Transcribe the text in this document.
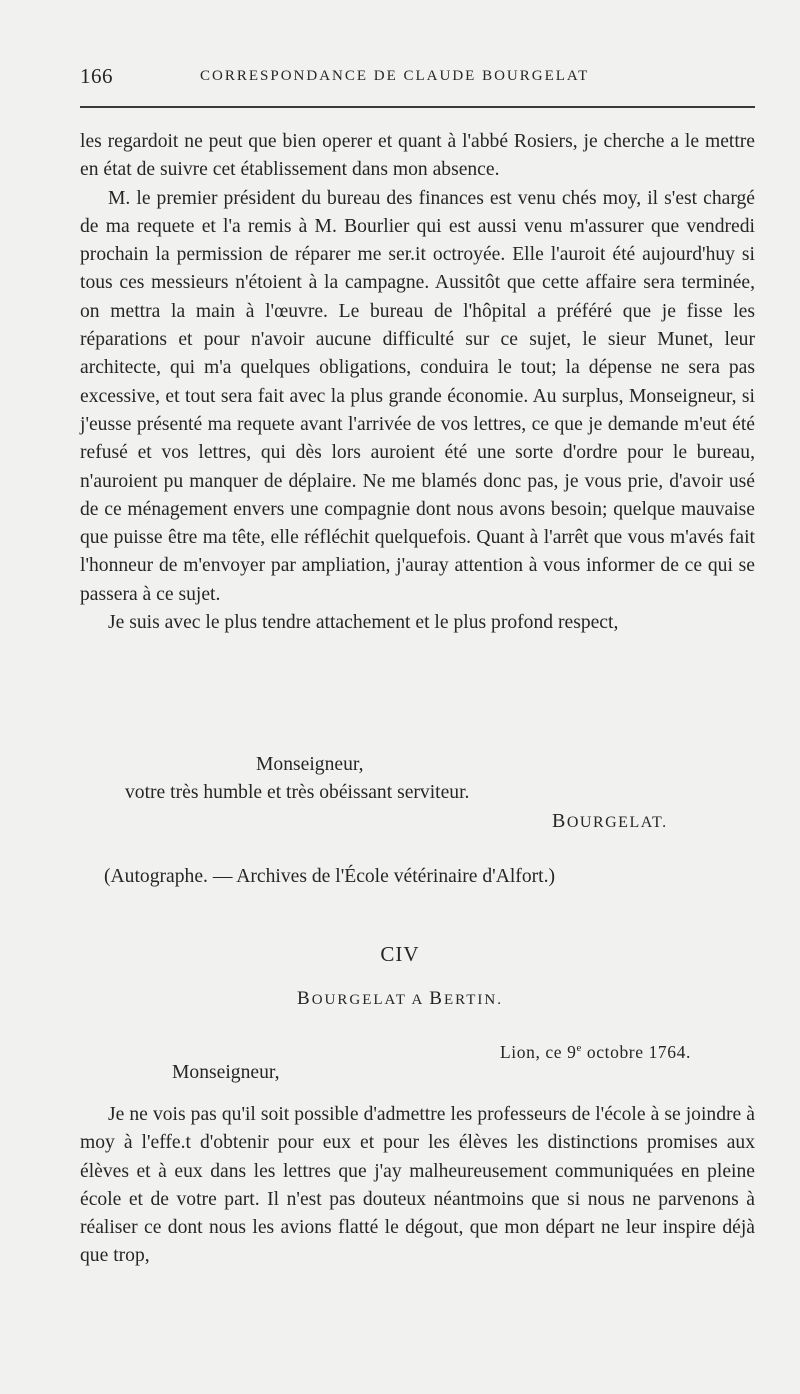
166	CORRESPONDANCE DE CLAUDE BOURGELAT

les regardoit ne peut que bien operer et quant à l'abbé Rosiers, je cherche a le mettre en état de suivre cet établissement dans mon absence.

M. le premier président du bureau des finances est venu chés moy, il s'est chargé de ma requete et l'a remis à M. Bourlier qui est aussi venu m'assurer que vendredi prochain la permission de réparer me ser.it octroyée. Elle l'auroit été aujourd'huy si tous ces messieurs n'étoient à la campagne. Aussitôt que cette affaire sera terminée, on mettra la main à l'œuvre. Le bureau de l'hôpital a préféré que je fisse les réparations et pour n'avoir aucune difficulté sur ce sujet, le sieur Munet, leur architecte, qui m'a quelques obligations, conduira le tout; la dépense ne sera pas excessive, et tout sera fait avec la plus grande économie. Au surplus, Monseigneur, si j'eusse présenté ma requete avant l'arrivée de vos lettres, ce que je demande m'eut été refusé et vos lettres, qui dès lors auroient été une sorte d'ordre pour le bureau, n'auroient pu manquer de déplaire. Ne me blamés donc pas, je vous prie, d'avoir usé de ce ménagement envers une compagnie dont nous avons besoin; quelque mauvaise que puisse être ma tête, elle réfléchit quelquefois. Quant à l'arrêt que vous m'avés fait l'honneur de m'envoyer par ampliation, j'auray attention à vous informer de ce qui se passera à ce sujet.

Je suis avec le plus tendre attachement et le plus profond respect,

Monseigneur,
votre très humble et très obéissant serviteur.
BOURGELAT.
(Autographe. — Archives de l'École vétérinaire d'Alfort.)
CIV
BOURGELAT A BERTIN.
Lion, ce 9e octobre 1764.
Monseigneur,

Je ne vois pas qu'il soit possible d'admettre les professeurs de l'école à se joindre à moy à l'effe.t d'obtenir pour eux et pour les élèves les distinctions promises aux élèves et à eux dans les lettres que j'ay malheureusement communiquées en pleine école et de votre part. Il n'est pas douteux néantmoins que si nous ne parvenons à réaliser ce dont nous les avions flatté le dégout, que mon départ ne leur inspire déjà que trop,
